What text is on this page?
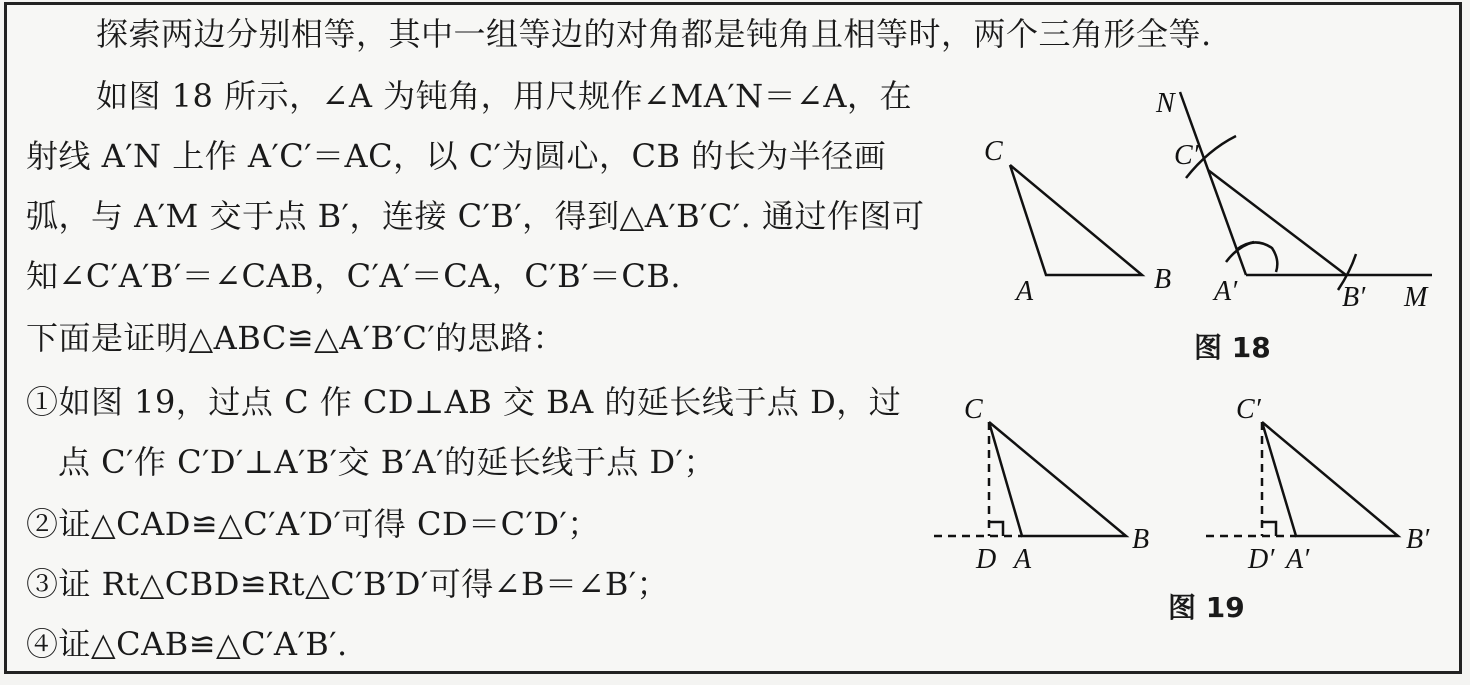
探索两边分别相等，其中一组等边的对角都是钝角且相等时，两个三角形全等.
如图 18 所示，∠A 为钝角，用尺规作∠MA′N＝∠A，在
射线 A′N 上作 A′C′＝AC，以 C′为圆心，CB 的长为半径画
弧，与 A′M 交于点 B′，连接 C′B′，得到△A′B′C′. 通过作图可
知∠C′A′B′＝∠CAB，C′A′＝CA，C′B′＝CB.
下面是证明△ABC≌△A′B′C′的思路：
①如图 19，过点 C 作 CD⊥AB 交 BA 的延长线于点 D，过
点 C′作 C′D′⊥A′B′交 B′A′的延长线于点 D′；
②证△CAD≌△C′A′D′可得 CD＝C′D′；
③证 Rt△CBD≌Rt△C′B′D′可得∠B＝∠B′；
④证△CAB≌△C′A′B′.
图 18
图 19
C
A	B
N
C′
A′	B′ M
C
D A
B
C′
D′ A′
B′
